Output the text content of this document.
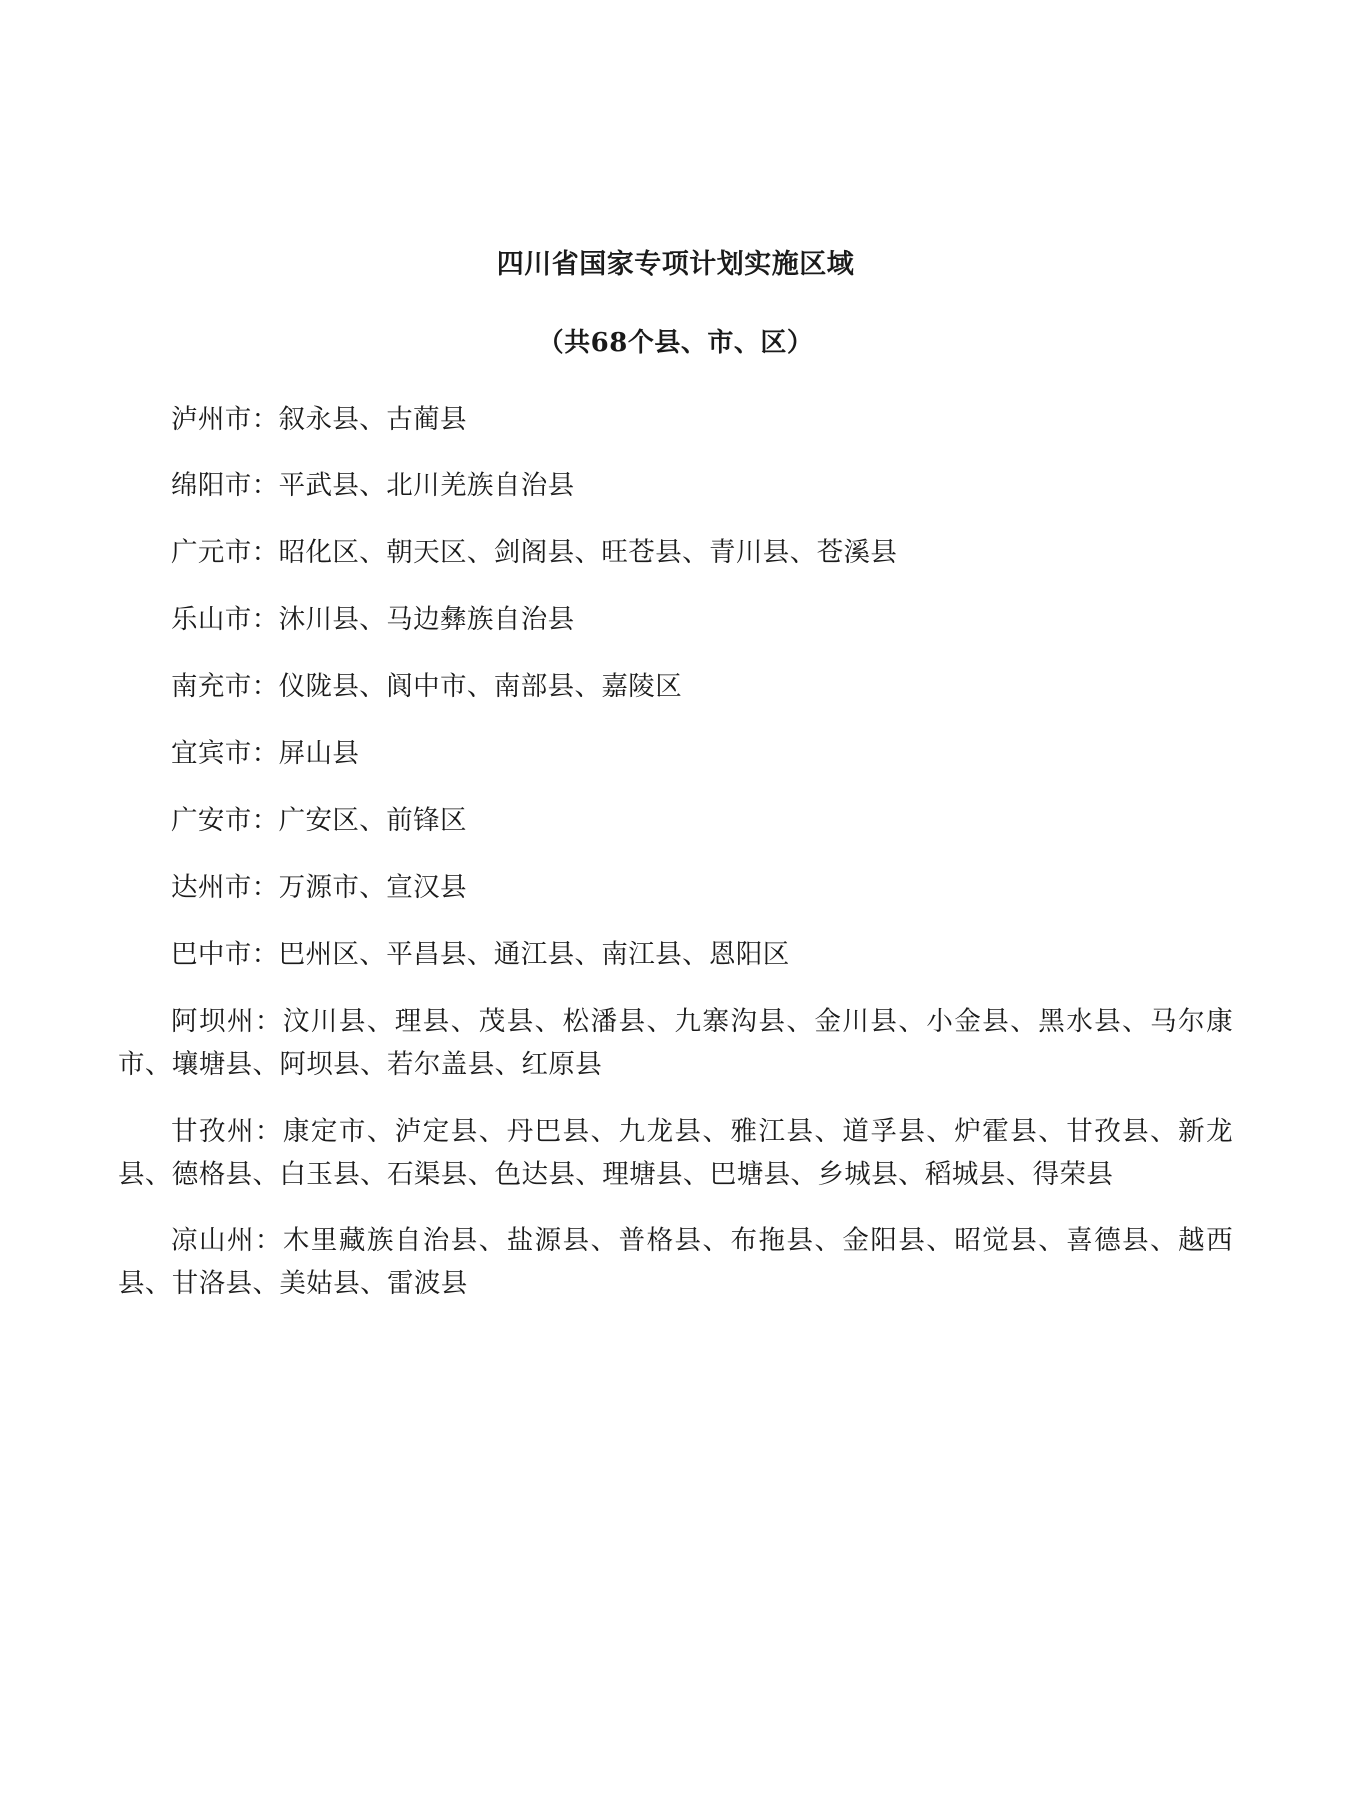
四川省国家专项计划实施区域
（共68个县、市、区）

泸州市：叙永县、古蔺县

绵阳市：平武县、北川羌族自治县

广元市：昭化区、朝天区、剑阁县、旺苍县、青川县、苍溪县

乐山市：沐川县、马边彝族自治县

南充市：仪陇县、阆中市、南部县、嘉陵区

宜宾市：屏山县

广安市：广安区、前锋区

达州市：万源市、宣汉县

巴中市：巴州区、平昌县、通江县、南江县、恩阳区

阿坝州：汶川县、理县、茂县、松潘县、九寨沟县、金川县、小金县、黑水县、马尔康市、壤塘县、阿坝县、若尔盖县、红原县

甘孜州：康定市、泸定县、丹巴县、九龙县、雅江县、道孚县、炉霍县、甘孜县、新龙县、德格县、白玉县、石渠县、色达县、理塘县、巴塘县、乡城县、稻城县、得荣县

凉山州：木里藏族自治县、盐源县、普格县、布拖县、金阳县、昭觉县、喜德县、越西县、甘洛县、美姑县、雷波县
